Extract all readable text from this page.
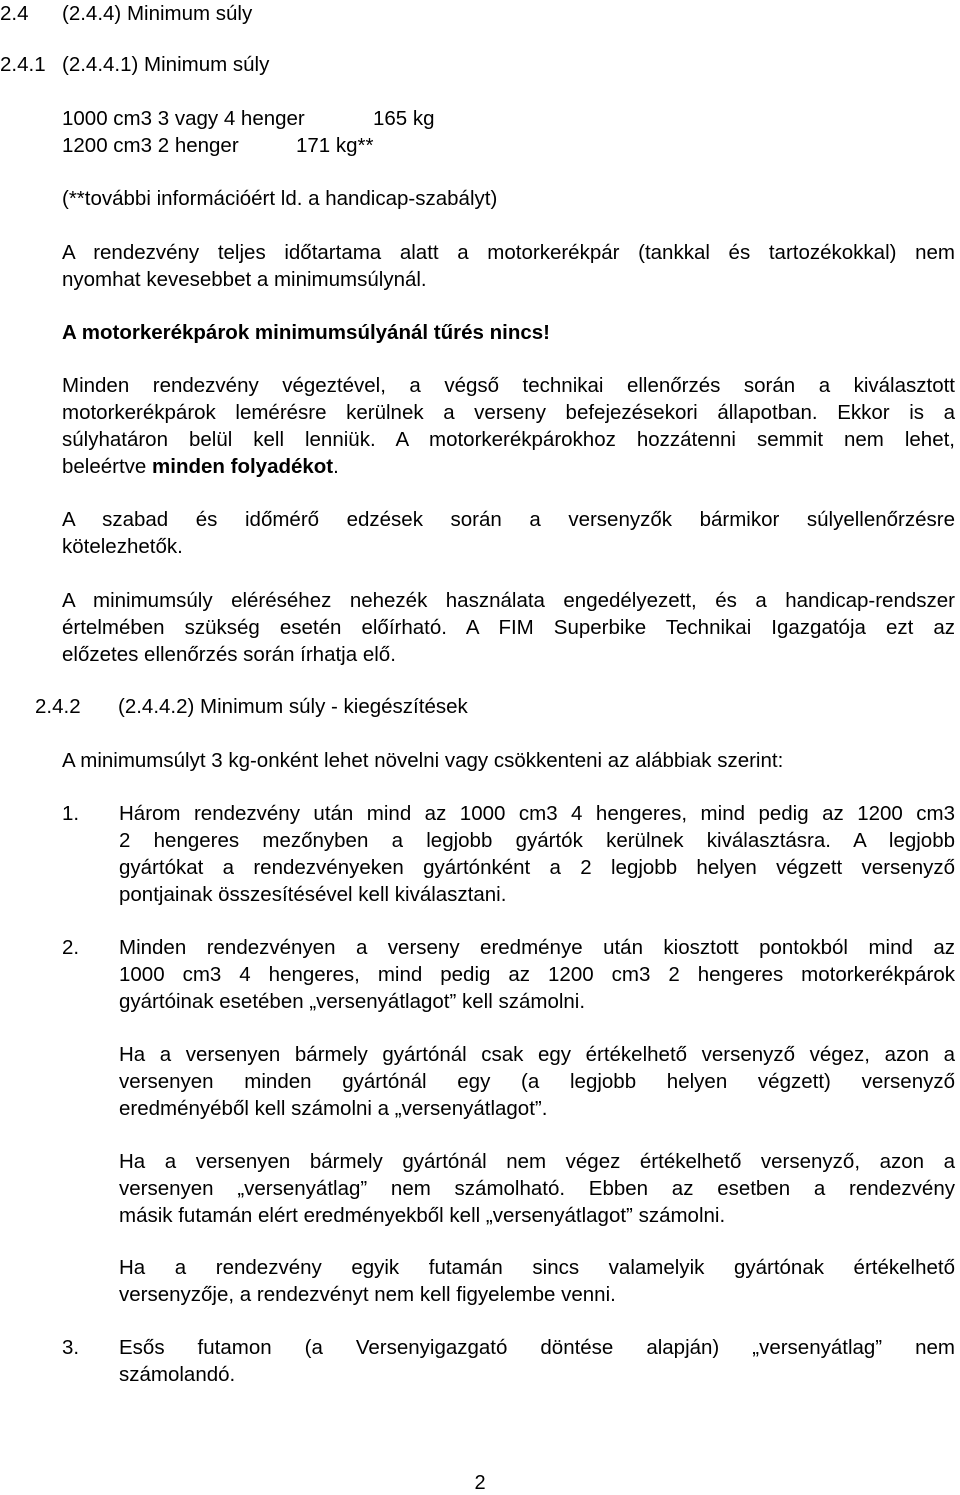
2.4 (2.4.4) Minimum súly
2.4.1 (2.4.4.1) Minimum súly
1000 cm3 3 vagy 4 henger	165 kg
1200 cm3 2 henger	171 kg**
(**további információért ld. a handicap-szabályt)
A rendezvény teljes időtartama alatt a motorkerékpár (tankkal és tartozékokkal) nem
nyomhat kevesebbet a minimumsúlynál.
A motorkerékpárok minimumsúlyánál tűrés nincs!
Minden rendezvény végeztével, a végső technikai ellenőrzés során a kiválasztott
motorkerékpárok lemérésre kerülnek a verseny befejezésekori állapotban. Ekkor is a
súlyhatáron belül kell lenniük. A motorkerékpárokhoz hozzátenni semmit nem lehet,
beleértve minden folyadékot.
A szabad és időmérő edzések során a versenyzők bármikor súlyellenőrzésre
kötelezhetők.
A minimumsúly eléréséhez nehezék használata engedélyezett, és a handicap-rendszer
értelmében szükség esetén előírható. A FIM Superbike Technikai Igazgatója ezt az
előzetes ellenőrzés során írhatja elő.
2.4.2 (2.4.4.2) Minimum súly - kiegészítések
A minimumsúlyt 3 kg-onként lehet növelni vagy csökkenteni az alábbiak szerint:
1. Három rendezvény után mind az 1000 cm3 4 hengeres, mind pedig az 1200 cm3
2 hengeres mezőnyben a legjobb gyártók kerülnek kiválasztásra. A legjobb
gyártókat a rendezvényeken gyártónként a 2 legjobb helyen végzett versenyző
pontjainak összesítésével kell kiválasztani.
2. Minden rendezvényen a verseny eredménye után kiosztott pontokból mind az
1000 cm3 4 hengeres, mind pedig az 1200 cm3 2 hengeres motorkerékpárok
gyártóinak esetében „versenyátlagot” kell számolni.
Ha a versenyen bármely gyártónál csak egy értékelhető versenyző végez, azon a
versenyen minden gyártónál egy (a legjobb helyen végzett) versenyző
eredményéből kell számolni a „versenyátlagot”.
Ha a versenyen bármely gyártónál nem végez értékelhető versenyző, azon a
versenyen „versenyátlag” nem számolható. Ebben az esetben a rendezvény
másik futamán elért eredményekből kell „versenyátlagot” számolni.
Ha a rendezvény egyik futamán sincs valamelyik gyártónak értékelhető
versenyzője, a rendezvényt nem kell figyelembe venni.
3. Esős futamon (a Versenyigazgató döntése alapján) „versenyátlag” nem
számolandó.
2
